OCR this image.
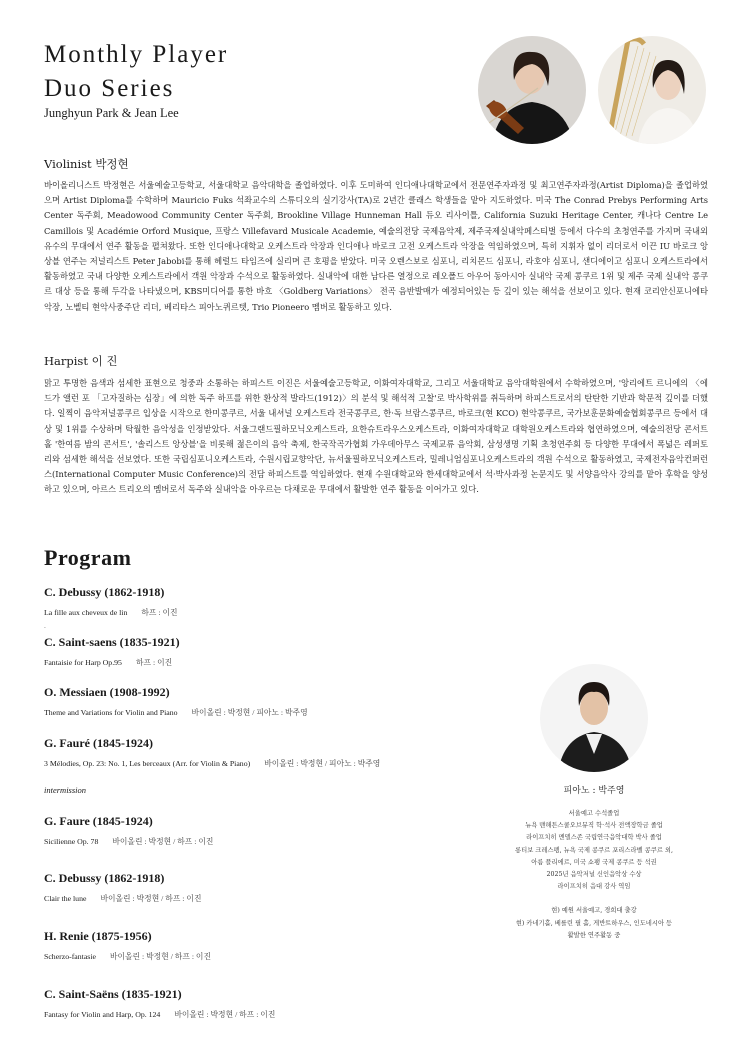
Monthly Player
Duo Series
Junghyun Park & Jean Lee
Violinist 박정현
바이올리니스트 박정현은 서울예술고등학교, 서울대학교 음악대학을 졸업하였다. 이후 도미하여 인디애나대학교에서 전문연주자과정 및 최고연주자과정(Artist Diploma)을 졸업하였으며 Artist Diploma를 수학하며 Mauricio Fuks 석좌교수의 스튜디오의 실기강사(TA)로 2년간 클래스 학생들을 맡아 지도하였다. 미국 The Conrad Prebys Performing Arts Center 독주회, Meadowood Community Center 독주회, Brookline Village Hunneman Hall 듀오 리사이틀, California Suzuki Heritage Center, 캐나다 Centre Le Camillois 및 Académie Orford Musique, 프랑스 Villefavard Musicale Academie, 예술의전당 국제음악제, 제주국제실내악페스티벌 등에서 다수의 초청연주를 가지며 국내외 유수의 무대에서 연주 활동을 펼쳐왔다. 또한 인디애나대학교 오케스트라 악장과 인디애나 바로크 고전 오케스트라 악장을 역임하였으며, 특히 지휘자 없이 리더로서 이끈 IU 바로크 앙상블 연주는 저널리스트 Peter Jabobi를 통해 헤럴드 타임즈에 실리며 큰 호평을 받았다. 미국 오렌스보로 심포니, 리치몬드 심포니, 라호야 심포니, 샌디에이고 심포니 오케스트라에서 활동하였고 국내 다양한 오케스트라에서 객원 악장과 수석으로 활동하였다. 실내악에 대한 남다른 열정으로 레오폴드 아우어 동아시아 실내악 국제 콩쿠르 1위 및 제주 국제 실내악 콩쿠르 대상 등을 통해 두각을 나타냈으며, KBS미디어를 통한 바흐 〈Goldberg Variations〉 전곡 음반발매가 예정되어있는 등 깊이 있는 해석을 선보이고 있다. 현재 코리안신포니에타 악장, 노벨티 현악사중주단 리더, 베리타스 피아노퀴르텟, Trio Pioneero 멤버로 활동하고 있다.
Harpist 이 진
맑고 투명한 음색과 섬세한 표현으로 청중과 소통하는 하피스트 이진은 서울예술고등학교, 이화여자대학교, 그리고 서울대학교 음악대학원에서 수학하였으며, '앙리에트 르니에의 〈에드가 앨런 포 「고자질하는 심장」에 의한 독주 하프를 위한 환상적 발라드(1912)〉의 분석 및 해석적 고찰'로 박사학위를 취득하며 하피스트로서의 탄탄한 기반과 학문적 깊이를 더했다. 일찍이 음악저널콩쿠르 입상을 시작으로 한미콩쿠르, 서울 내셔널 오케스트라 전국콩쿠르, 한·독 브람스콩쿠르, 바로크(현 KCO) 현악콩쿠르, 국가보훈문화예술협회콩쿠르 등에서 대상 및 1위를 수상하며 탁월한 음악성을 인정받았다. 서울그랜드필하모닉오케스트라, 요한슈트라우스오케스트라, 이화여자대학교 대학원오케스트라와 협연하였으며, 예술의전당 콘서트홀 '한여름 밤의 콘서트', '솔리스트 앙상블'을 비롯해 젊은이의 음악 축제, 한국작곡가협회 가우데아무스 국제교류 음악회, 삼성생명 기획 초청연주회 등 다양한 무대에서 폭넓은 레퍼토리와 섬세한 해석을 선보였다. 또한 국립심포니오케스트라, 수원시립교향악단, 뉴서울필하모닉오케스트라, 밀레니엄심포니오케스트라의 객원 수석으로 활동하였고, 국제전자음악컨퍼런스(International Computer Music Conference)의 전담 하피스트를 역임하였다. 현재 수원대학교와 한세대학교에서 석·박사과정 논문지도 및 서양음악사 강의를 맡아 후학을 양성하고 있으며, 아르스 트리오의 멤버로서 독주와 실내악을 아우르는 다채로운 무대에서 활발한 연주 활동을 이어가고 있다.
Program
C. Debussy (1862-1918)
La fille aux cheveux de lin 하프 : 이진
·
C. Saint-saens (1835-1921)
Fantaisie for Harp Op.95 하프 : 이진
O. Messiaen (1908-1992)
Theme and Variations for Violin and Piano 바이올린 : 박정현 / 피아노 : 박주영
G. Fauré (1845-1924)
3 Mélodies, Op. 23: No. 1, Les berceaux (Arr. for Violin & Piano) 바이올린 : 박정현 / 피아노 : 박주영
intermission
G. Faure (1845-1924)
Sicilienne Op. 78 바이올린 : 박정현 / 하프 : 이진
C. Debussy (1862-1918)
Clair the lune 바이올린 : 박정현 / 하프 : 이진
H. Renie (1875-1956)
Scherzo-fantasie 바이올린 : 박정현 / 하프 : 이진
C. Saint-Saëns (1835-1921)
Fantasy for Violin and Harp, Op. 124 바이올린 : 박정현 / 하프 : 이진
피아노 : 박주영
서울예고 수석졸업
뉴욕 맨해튼스쿨오브뮤직 학·석사 전액장학금 졸업
라이프치히 멘델스존 국립연극음악대학 박사 졸업
롱티보 크레스펭, 뉴욕 국제 콩쿠르 포리스라벨 콩쿠르 외,
아름 플리에르, 미국 쇼팽 국제 콩쿠르 등 석권
2025년 음악저널 신인음악상 수상
라이프치히 음대 강사 역임
현) 예원 서울예고, 경희대 출강
현) 카네기홀, 베를린 필 홀, 게반트하우스, 인도네시아 등
활발한 연주활동 중
